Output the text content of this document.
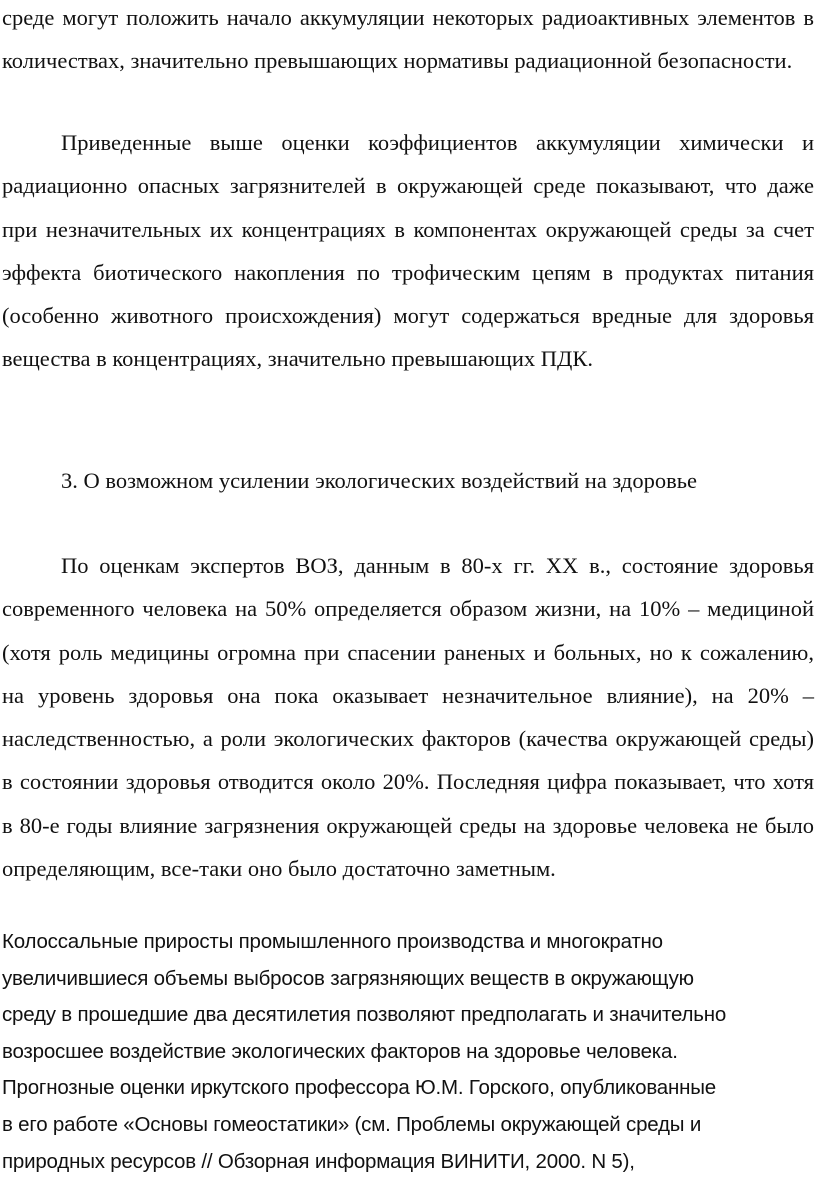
среде могут положить начало аккумуляции некоторых радиоактивных элементов в количествах, значительно превышающих нормативы радиационной безопасности.

Приведенные выше оценки коэффициентов аккумуляции химически и радиационно опасных загрязнителей в окружающей среде показывают, что даже при незначительных их концентрациях в компонентах окружающей среды за счет эффекта биотического накопления по трофическим цепям в продуктах питания (особенно животного происхождения) могут содержаться вредные для здоровья вещества в концентрациях, значительно превышающих ПДК.

3. О возможном усилении экологических воздействий на здоровье

По оценкам экспертов ВОЗ, данным в 80-х гг. XX в., состояние здоровья современного человека на 50% определяется образом жизни, на 10% – медициной (хотя роль медицины огромна при спасении раненых и больных, но к сожалению, на уровень здоровья она пока оказывает незначительное влияние), на 20% – наследственностью, а роли экологических факторов (качества окружающей среды) в состоянии здоровья отводится около 20%. Последняя цифра показывает, что хотя в 80-е годы влияние загрязнения окружающей среды на здоровье человека не было определяющим, все-таки оно было достаточно заметным.

Колоссальные приросты промышленного производства и многократно
увеличившиеся объемы выбросов загрязняющих веществ в окружающую
среду в прошедшие два десятилетия позволяют предполагать и значительно
возросшее воздействие экологических факторов на здоровье человека.
Прогнозные оценки иркутского профессора Ю.М. Горского, опубликованные
в его работе «Основы гомеостатики» (см. Проблемы окружающей среды и
природных ресурсов // Обзорная информация ВИНИТИ, 2000. N 5),
